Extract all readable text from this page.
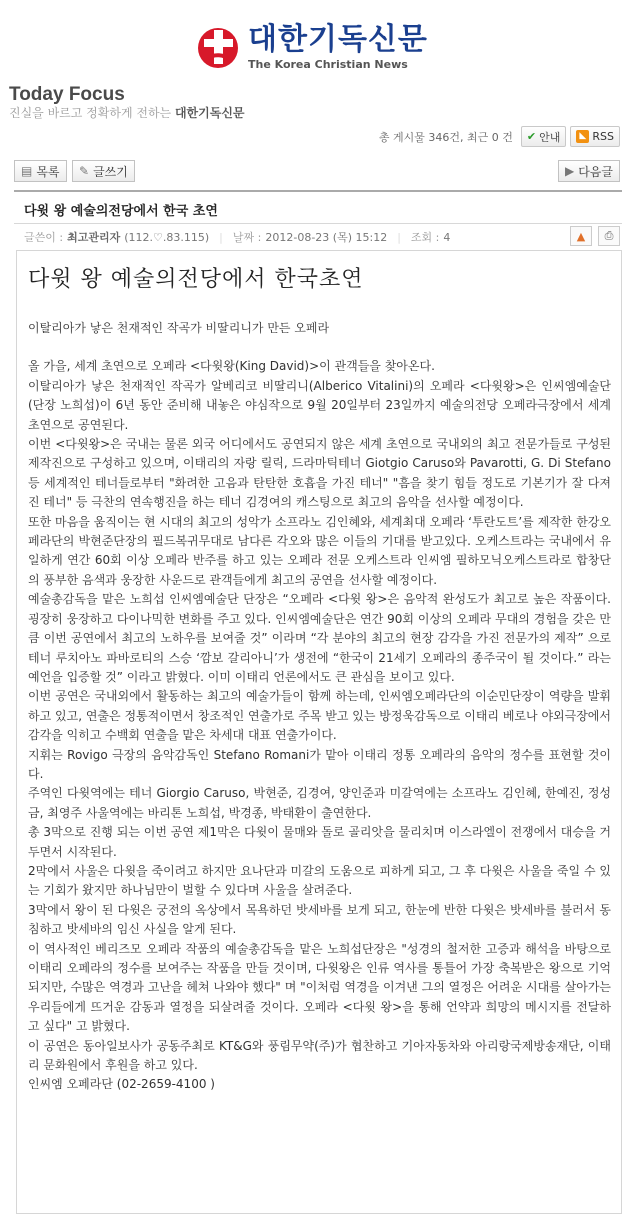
대한기독신문
The Korea Christian News
Today Focus
진실을 바르고 정확하게 전하는 대한기독신문
총 게시물 346건, 최근 0 건 ✔ 안내	◣ RSS
▤ 목록 ✎ 글쓰기	▶ 다음글
다윗 왕 예술의전당에서 한국 초연
글쓴이 : 최고관리자 (112.♡.83.115) | 날짜 : 2012-08-23 (목) 15:12 | 조회 : 4	▲ ⎙
다윗 왕 예술의전당에서 한국초연

이탈리아가 낳은 천재적인 작곡가 비딸리니가 만든 오페라

올 가을, 세계 초연으로 오페라 <다윗왕(King David)>이 관객들을 찾아온다.

이탈리아가 낳은 천재적인 작곡가 알베리코 비딸리니(Alberico Vitalini)의 오페라 <다윗왕>은 인씨엠예술단(단장 노희섭)이 6년 동안 준비해 내놓은 야심작으로 9월 20일부터 23일까지 예술의전당 오페라극장에서 세계초연으로 공연된다.

이번 <다윗왕>은 국내는 물론 외국 어디에서도 공연되지 않은 세계 초연으로 국내외의 최고 전문가들로 구성된 제작진으로 구성하고 있으며, 이태리의 자랑 릴릭, 드라마틱테너 Giotgio Caruso와 Pavarotti, G. Di Stefano 등 세계적인 테너들로부터 "화려한 고음과 탄탄한 호흡을 가진 테너" "흠을 찾기 힘들 정도로 기본기가 잘 다져진 테너" 등 극찬의 연속행진을 하는 테너 김경여의 캐스팅으로 최고의 음악을 선사할 예정이다.

또한 마음을 움직이는 현 시대의 최고의 성악가 소프라노 김인혜와, 세계최대 오페라 ‘투란도트’를 제작한 한강오페라단의 박현준단장의 필드복귀무대로 남다른 각오와 많은 이들의 기대를 받고있다. 오케스트라는 국내에서 유일하게 연간 60회 이상 오페라 반주를 하고 있는 오페라 전문 오케스트라 인씨엠 필하모닉오케스트라로 합창단의 풍부한 음색과 웅장한 사운드로 관객들에게 최고의 공연을 선사할 예정이다.

예술총감독을 맡은 노희섭 인씨엠예술단 단장은 “오페라 <다윗 왕>은 음악적 완성도가 최고로 높은 작품이다. 굉장히 웅장하고 다이나믹한 변화를 주고 있다. 인씨엠예술단은 연간 90회 이상의 오페라 무대의 경험을 갖은 만큼 이번 공연에서 최고의 노하우를 보여줄 것” 이라며 “각 분야의 최고의 현장 감각을 가진 전문가의 제작” 으로 테너 루치아노 파바로티의 스승 ‘깜보 갈리아니’가 생전에 “한국이 21세기 오페라의 종주국이 될 것이다.” 라는 예언을 입증할 것” 이라고 밝혔다. 이미 이태리 언론에서도 큰 관심을 보이고 있다.

이번 공연은 국내외에서 활동하는 최고의 예술가들이 함께 하는데, 인씨엠오페라단의 이순민단장이 역량을 발휘하고 있고, 연출은 정통적이면서 창조적인 연출가로 주목 받고 있는 방정욱감독으로 이태리 베로나 야외극장에서 감각을 익히고 수백회 연출을 맡은 차세대 대표 연출가이다.

지휘는 Rovigo 극장의 음악감독인 Stefano Romani가 맡아 이태리 정통 오페라의 음악의 정수를 표현할 것이다.

주역인 다윗역에는 테너 Giorgio Caruso, 박현준, 김경여, 양인준과 미갈역에는 소프라노 김인혜, 한예진, 정성금, 최영주 사울역에는 바리톤 노희섭, 박경종, 박태환이 출연한다.

총 3막으로 진행 되는 이번 공연 제1막은 다윗이 물매와 돌로 골리앗을 물리치며 이스라엘이 전쟁에서 대승을 거두면서 시작된다.

2막에서 사울은 다윗을 죽이려고 하지만 요나단과 미갈의 도움으로 피하게 되고, 그 후 다윗은 사울을 죽일 수 있는 기회가 왔지만 하나님만이 벌할 수 있다며 사울을 살려준다.

3막에서 왕이 된 다윗은 궁전의 옥상에서 목욕하던 밧세바를 보게 되고, 한눈에 반한 다윗은 밧세바를 불러서 동침하고 밧세바의 임신 사실을 알게 된다.

이 역사적인 베리즈모 오페라 작품의 예술총감독을 맡은 노희섭단장은 "성경의 철저한 고증과 해석을 바탕으로 이태리 오페라의 정수를 보여주는 작품을 만들 것이며, 다윗왕은 인류 역사를 통틀어 가장 축복받은 왕으로 기억되지만, 수많은 역경과 고난을 헤쳐 나와야 했다" 며 "이처럼 역경을 이겨낸 그의 열정은 어려운 시대를 살아가는 우리들에게 뜨거운 감동과 열정을 되살려줄 것이다. 오페라 <다윗 왕>을 통해 언약과 희망의 메시지를 전달하고 싶다" 고 밝혔다.

이 공연은 동아일보사가 공동주최로 KT&G와 풍림무약(주)가 협찬하고 기아자동차와 아리랑국제방송재단, 이태리 문화원에서 후원을 하고 있다.

인씨엠 오페라단 (02-2659-4100 )
